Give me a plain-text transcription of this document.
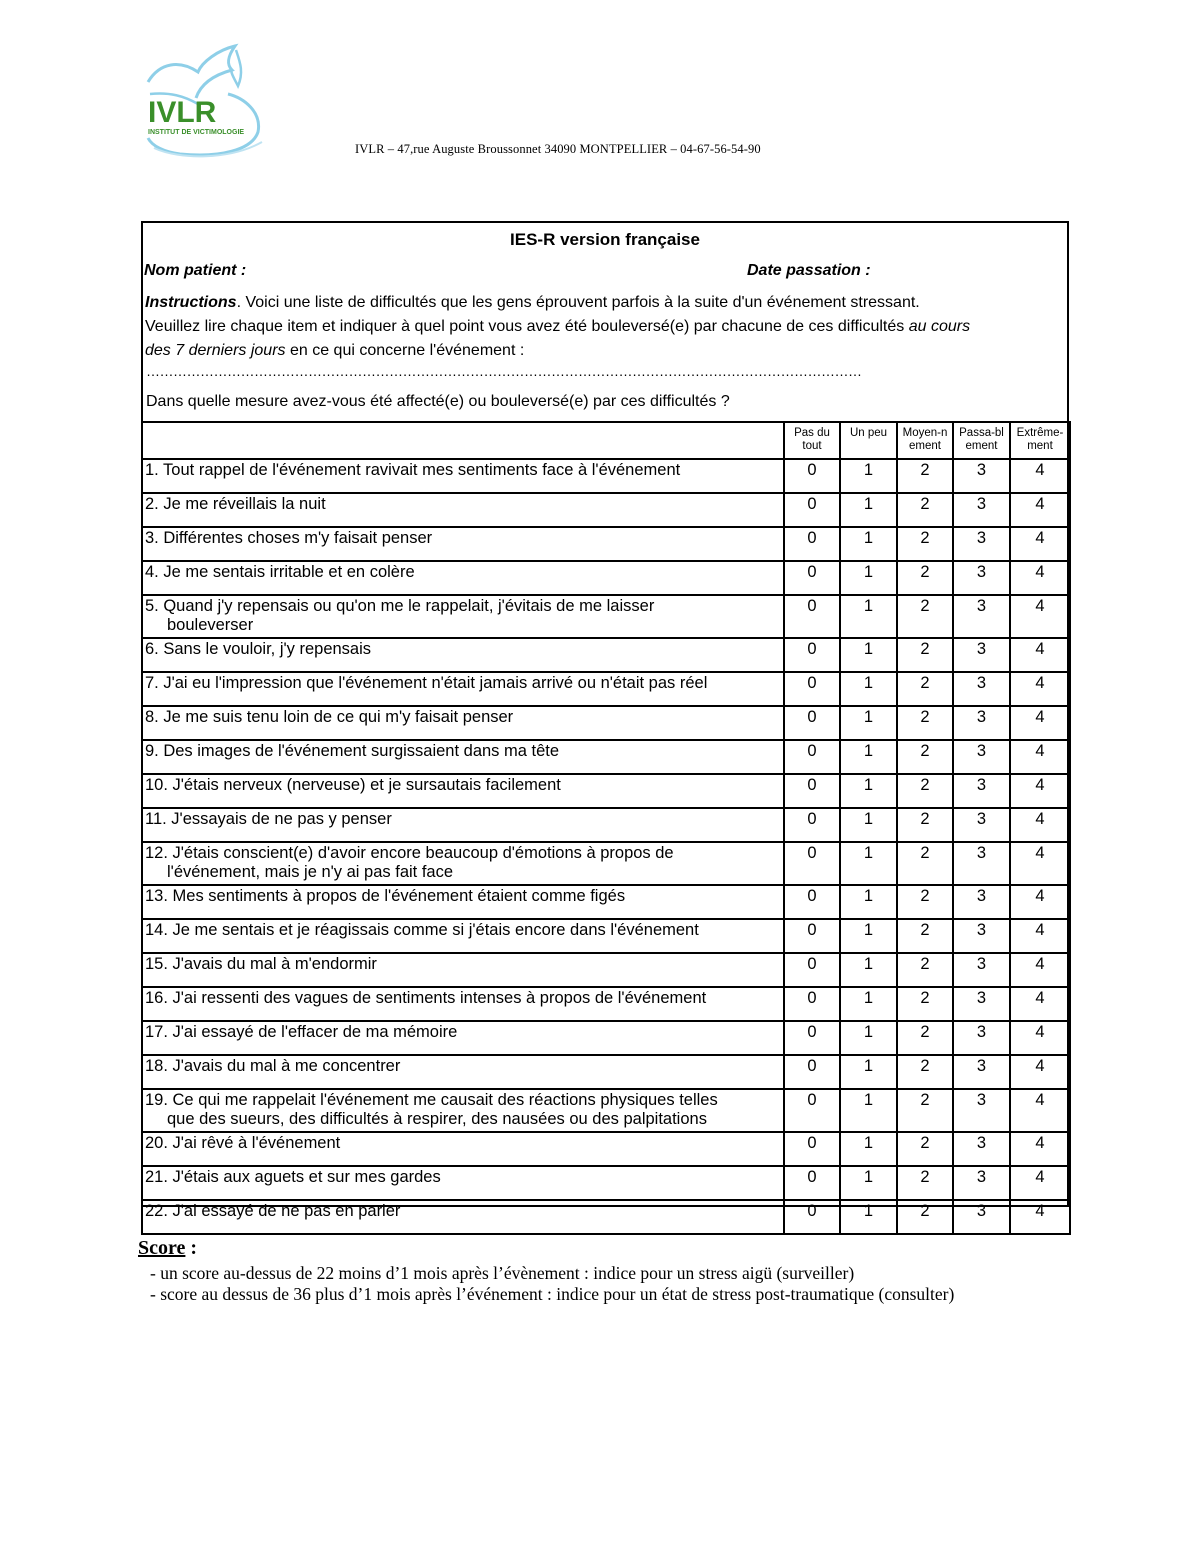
IVLR
INSTITUT DE VICTIMOLOGIE
IVLR – 47,rue Auguste Broussonnet 34090 MONTPELLIER – 04-67-56-54-90
IES-R version française
Nom patient :	Date passation :
Instructions. Voici une liste de difficultés que les gens éprouvent parfois à la suite d'un événement stressant.
Veuillez lire chaque item et indiquer à quel point vous avez été bouleversé(e) par chacune de ces difficultés au cours
des 7 derniers jours en ce qui concerne l'événement :
……………………………………………………………………………………………………………………………………………
Dans quelle mesure avez-vous été affecté(e) ou bouleversé(e) par ces difficultés ?
	Pas du tout	Un peu	Moyen-n ement	Passa-bl ement	Extrême-ment

1. Tout rappel de l'événement ravivait mes sentiments face à l'événement	0	1	2	3	4

2. Je me réveillais la nuit	0	1	2	3	4

3. Différentes choses m'y faisait penser	0	1	2	3	4

4. Je me sentais irritable et en colère	0	1	2	3	4

5. Quand j'y repensais ou qu'on me le rappelait, j'évitais de me laisser
bouleverser	0	1	2	3	4

6. Sans le vouloir, j'y repensais	0	1	2	3	4

7. J'ai eu l'impression que l'événement n'était jamais arrivé ou n'était pas réel	0	1	2	3	4

8. Je me suis tenu loin de ce qui m'y faisait penser	0	1	2	3	4

9. Des images de l'événement surgissaient dans ma tête	0	1	2	3	4

10. J'étais nerveux (nerveuse) et je sursautais facilement	0	1	2	3	4

11. J'essayais de ne pas y penser	0	1	2	3	4

12. J'étais conscient(e) d'avoir encore beaucoup d'émotions à propos de
l'événement, mais je n'y ai pas fait face	0	1	2	3	4

13. Mes sentiments à propos de l'événement étaient comme figés	0	1	2	3	4

14. Je me sentais et je réagissais comme si j'étais encore dans l'événement	0	1	2	3	4

15. J'avais du mal à m'endormir	0	1	2	3	4

16. J'ai ressenti des vagues de sentiments intenses à propos de l'événement	0	1	2	3	4

17. J'ai essayé de l'effacer de ma mémoire	0	1	2	3	4

18. J'avais du mal à me concentrer	0	1	2	3	4

19. Ce qui me rappelait l'événement me causait des réactions physiques telles
que des sueurs, des difficultés à respirer, des nausées ou des palpitations	0	1	2	3	4

20. J'ai rêvé à l'événement	0	1	2	3	4

21. J'étais aux aguets et sur mes gardes	0	1	2	3	4

22. J'ai essayé de ne pas en parler	0	1	2	3	4
Score :
- un score au-dessus de 22 moins d’1 mois après l’évènement : indice pour un stress aigü (surveiller)
- score au dessus de 36 plus d’1 mois après l’événement : indice pour un état de stress post-traumatique (consulter)
